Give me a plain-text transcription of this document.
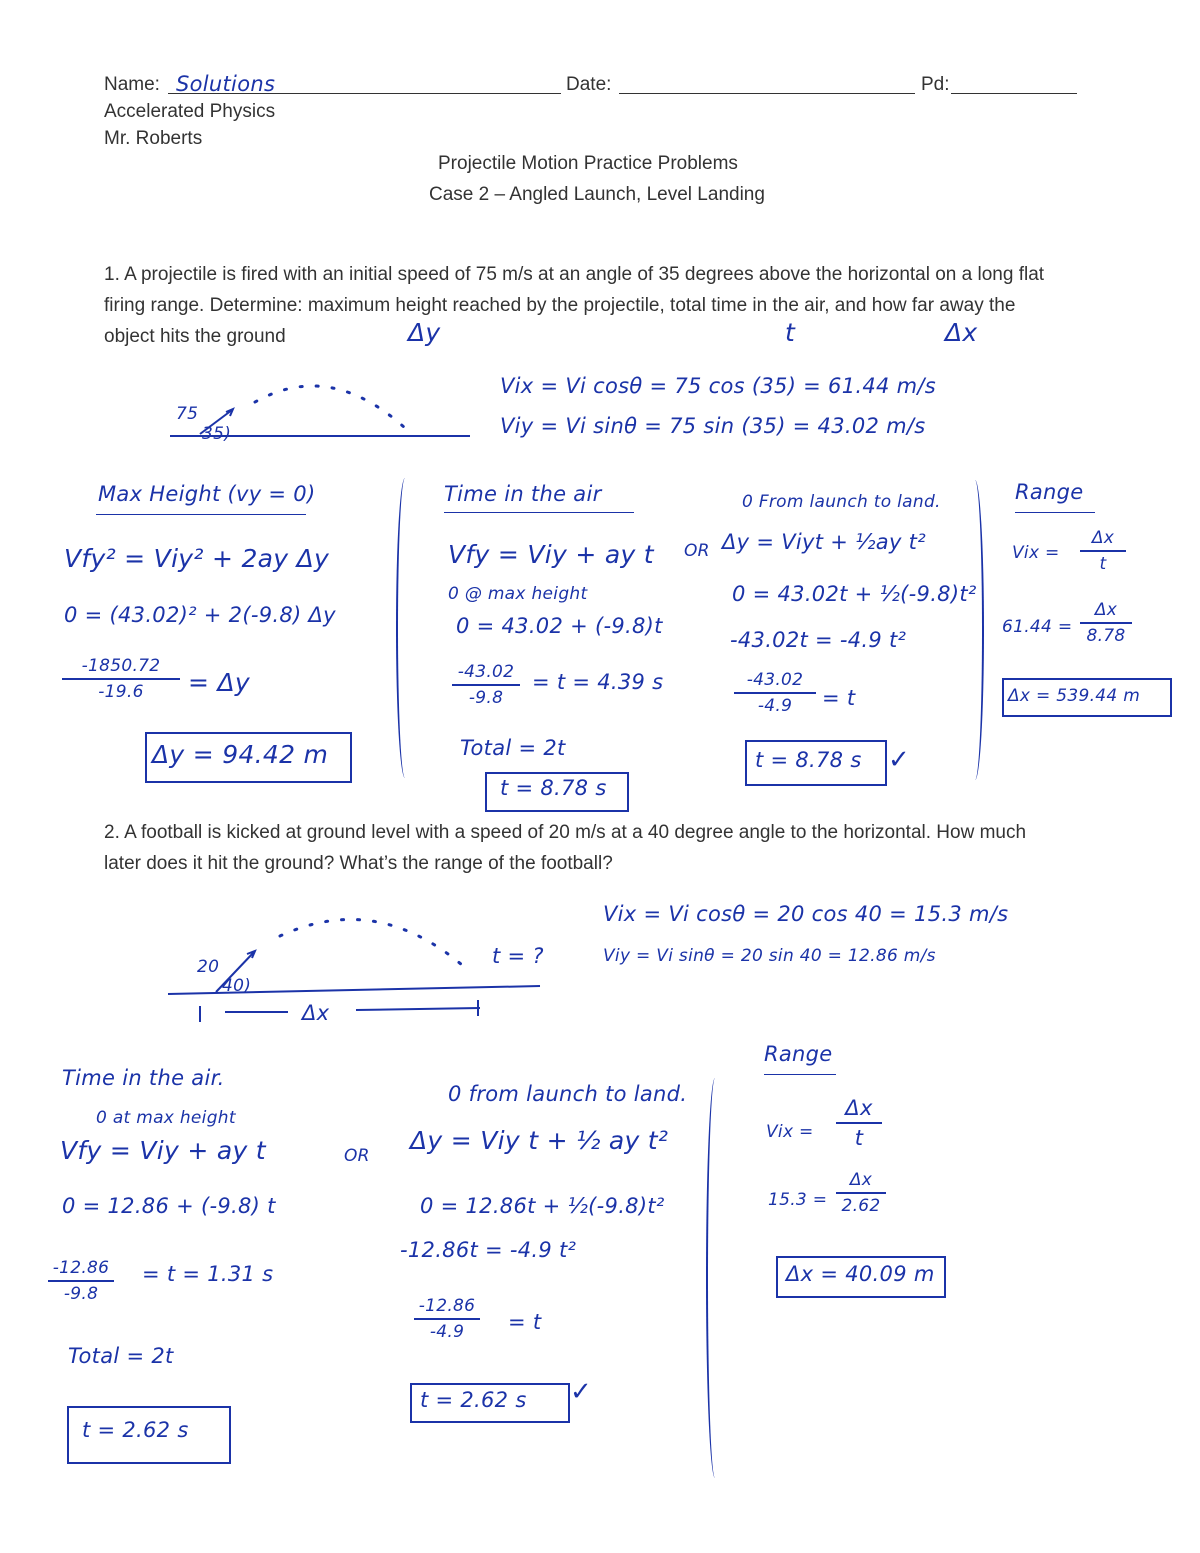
Name: Solutions	Date:	Pd:
Accelerated Physics
Mr. Roberts
Projectile Motion Practice Problems
Case 2 – Angled Launch, Level Landing
1. A projectile is fired with an initial speed of 75 m/s at an angle of 35 degrees above the horizontal on a long flat
firing range. Determine: maximum height reached by the projectile, total time in the air, and how far away the
object hits the ground	Δy	t	Δx
75
35)
Vix = Vi cosθ = 75 cos (35) = 61.44 m/s
Viy = Vi sinθ = 75 sin (35) = 43.02 m/s
Max Height (vy = 0)
Vfy² = Viy² + 2ay Δy
0 = (43.02)² + 2(-9.8) Δy
-1850.72
-19.6 = Δy
Δy = 94.42 m
Time in the air
Vfy = Viy + ay t
0 @ max height
0 = 43.02 + (-9.8)t
-43.02
-9.8
= t = 4.39 s
Total = 2t
t = 8.78 s
OR
0 From launch to land.
Δy = Viyt + ½ay t²
0 = 43.02t + ½(-9.8)t²
-43.02t = -4.9 t²
-43.02
-4.9 = t
t = 8.78 s ✓
Range
Vix =
Δx
t
61.44 =
Δx
8.78
Δx = 539.44 m
2. A football is kicked at ground level with a speed of 20 m/s at a 40 degree angle to the horizontal. How much
later does it hit the ground? What’s the range of the football?
20
40)
t = ?
Δx
Vix = Vi cosθ = 20 cos 40 = 15.3 m/s
Viy = Vi sinθ = 20 sin 40 = 12.86 m/s
Time in the air.
0 at max height
Vfy = Viy + ay t
0 = 12.86 + (-9.8) t
-12.86
-9.8
= t = 1.31 s
Total = 2t
t = 2.62 s
OR
0 from launch to land.
Δy = Viy t + ½ ay t²
0 = 12.86t + ½(-9.8)t²
-12.86t = -4.9 t²
-12.86
-4.9 = t
t = 2.62 s ✓
Range
Vix =
Δx
t
15.3 =
Δx
2.62
Δx = 40.09 m
